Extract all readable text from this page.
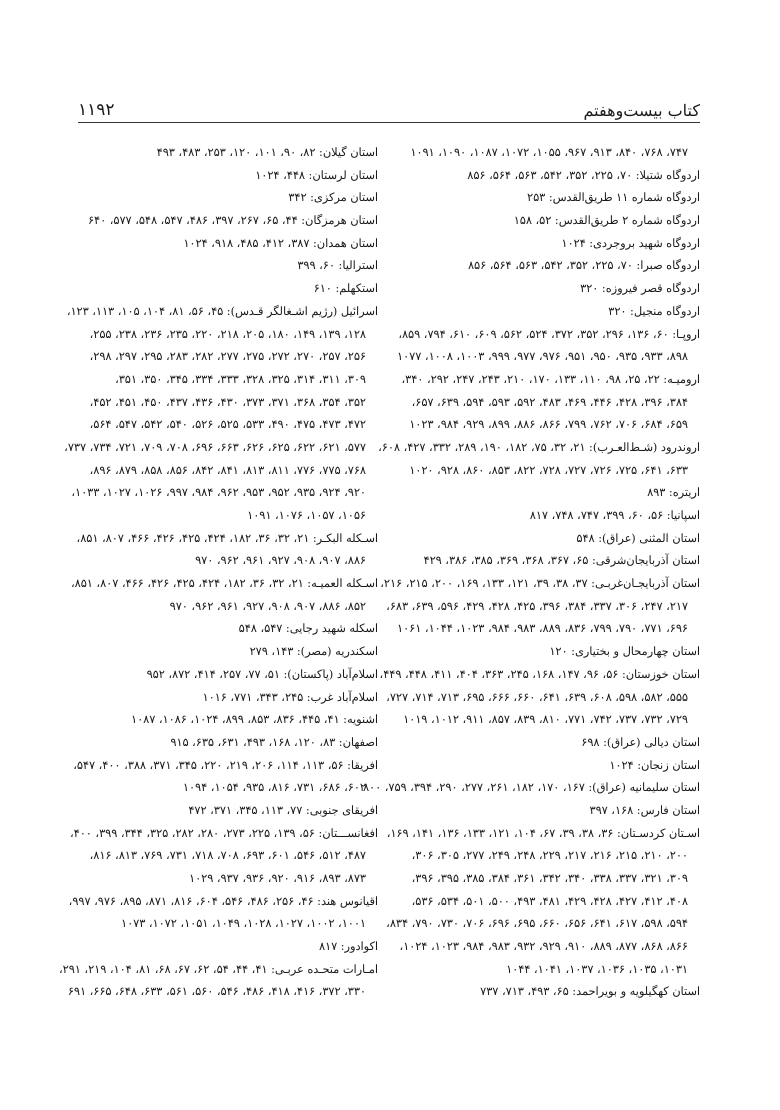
۱۱۹۲	کتاب بیست‌وهفتم
۷۴۷، ۷۶۸، ۸۴۰، ۹۱۳، ۹۶۷، ۱۰۵۵، ۱۰۷۲، ۱۰۸۷، ۱۰۹۰، ۱۰۹۱
اردوگاه شتیلا: ۷۰، ۲۲۵، ۳۵۲، ۵۴۲، ۵۶۳، ۵۶۴، ۸۵۶
اردوگاه شماره ۱۱ طریق‌القدس: ۲۵۳
اردوگاه شماره ۲ طریق‌القدس: ۵۲، ۱۵۸
اردوگاه شهید بروجردی: ۱۰۲۴
اردوگاه صبرا: ۷۰، ۲۲۵، ۳۵۲، ۵۴۲، ۵۶۳، ۵۶۴، ۸۵۶
اردوگاه قصر فیروزه: ۳۲۰
اردوگاه منجیل: ۳۲۰
اروپـا: ۶۰، ۱۳۶، ۲۹۶، ۳۵۲، ۳۷۲، ۵۲۴، ۵۶۲، ۶۰۹، ۶۱۰، ۷۹۴، ۸۵۹،
۸۹۸، ۹۳۳، ۹۳۵، ۹۵۰، ۹۵۱، ۹۷۶، ۹۷۷، ۹۹۹، ۱۰۰۳، ۱۰۰۸، ۱۰۷۷
ارومیـه: ۲۲، ۲۵، ۹۸، ۱۱۰، ۱۳۳، ۱۷۰، ۲۱۰، ۲۴۳، ۲۴۷، ۲۹۲، ۳۴۰،
۳۸۴، ۳۹۶، ۴۲۸، ۴۴۶، ۴۶۹، ۴۸۳، ۵۹۲، ۵۹۳، ۵۹۴، ۶۳۹، ۶۵۷،
۶۵۹، ۶۸۴، ۷۰۶، ۷۶۲، ۷۹۹، ۸۶۶، ۸۸۶، ۸۹۹، ۹۲۹، ۹۸۴، ۱۰۲۳
اروندرود (شـط‌العـرب): ۲۱، ۳۲، ۷۵، ۱۸۲، ۱۹۰، ۲۸۹، ۳۳۲، ۴۲۷، ۶۰۸،
۶۳۳، ۶۴۱، ۷۲۵، ۷۲۶، ۷۲۷، ۷۲۸، ۸۲۲، ۸۵۳، ۸۶۰، ۹۲۸، ۱۰۲۰
اریتره: ۸۹۳
اسپانیا: ۵۶، ۶۰، ۳۹۹، ۷۴۷، ۷۴۸، ۸۱۷
استان المثنی (عراق): ۵۴۸
استان آذربایجان‌شرقی: ۶۵، ۳۶۷، ۳۶۸، ۳۶۹، ۳۸۵، ۳۸۶، ۴۲۹
استان آذربایجـان‌غربـی: ۳۷، ۳۸، ۳۹، ۱۲۱، ۱۳۳، ۱۶۹، ۲۰۰، ۲۱۵، ۲۱۶،
۲۱۷، ۲۴۷، ۳۰۶، ۳۳۷، ۳۸۴، ۳۹۶، ۴۲۵، ۴۲۸، ۴۲۹، ۵۹۶، ۶۳۹، ۶۸۳،
۶۹۶، ۷۷۱، ۷۹۰، ۷۹۹، ۸۳۶، ۸۸۹، ۹۸۳، ۹۸۴، ۱۰۲۳، ۱۰۴۴، ۱۰۶۱
استان چهارمحال و بختیاری: ۱۲۰
استان خوزستان: ۵۶، ۹۶، ۱۴۷، ۱۶۸، ۲۴۵، ۳۶۳، ۴۰۴، ۴۱۱، ۴۴۸، ۴۴۹،
۵۵۵، ۵۸۲، ۵۹۸، ۶۰۸، ۶۳۹، ۶۴۱، ۶۶۰، ۶۶۶، ۶۹۵، ۷۱۳، ۷۱۴، ۷۲۷،
۷۲۹، ۷۳۲، ۷۳۷، ۷۴۲، ۷۷۱، ۸۱۰، ۸۳۹، ۸۵۷، ۹۱۱، ۱۰۱۲، ۱۰۱۹
استان دیالی (عراق): ۶۹۸
استان زنجان: ۱۰۲۴
استان سلیمانیه (عراق): ۱۶۷، ۱۷۰، ۱۸۲، ۲۶۱، ۲۷۷، ۲۹۰، ۳۹۴، ۷۵۹، ۸۰۰
استان فارس: ۱۶۸، ۳۹۷
اسـتان کردسـتان: ۳۶، ۳۸، ۳۹، ۶۷، ۱۰۴، ۱۲۱، ۱۳۳، ۱۳۶، ۱۴۱، ۱۶۹،
۲۰۰، ۲۱۰، ۲۱۵، ۲۱۶، ۲۱۷، ۲۲۹، ۲۴۸، ۲۴۹، ۲۷۷، ۳۰۵، ۳۰۶،
۳۰۹، ۳۲۱، ۳۳۷، ۳۳۸، ۳۴۰، ۳۴۲، ۳۶۱، ۳۸۴، ۳۸۵، ۳۹۵، ۳۹۶،
۴۰۸، ۴۱۲، ۴۲۷، ۴۲۸، ۴۲۹، ۴۸۱، ۴۹۳، ۵۰۰، ۵۰۱، ۵۳۴، ۵۳۶،
۵۹۴، ۵۹۸، ۶۱۷، ۶۴۱، ۶۵۶، ۶۶۰، ۶۹۵، ۶۹۶، ۷۰۶، ۷۳۰، ۷۹۰، ۸۳۴،
۸۶۶، ۸۶۸، ۸۷۷، ۸۸۹، ۹۱۰، ۹۲۹، ۹۳۲، ۹۸۳، ۹۸۴، ۱۰۲۳، ۱۰۲۴،
۱۰۳۱، ۱۰۳۵، ۱۰۳۶، ۱۰۳۷، ۱۰۴۱، ۱۰۴۴
استان کهگیلویه و بویراحمد: ۶۵، ۴۹۳، ۷۱۳، ۷۳۷
استان گیلان: ۸۲، ۹۰، ۱۰۱، ۱۲۰، ۲۵۳، ۴۸۳، ۴۹۳
استان لرستان: ۴۴۸، ۱۰۲۴
استان مرکزی: ۳۴۲
استان هرمزگان: ۴۴، ۶۵، ۲۶۷، ۳۹۷، ۴۸۶، ۵۴۷، ۵۴۸، ۵۷۷، ۶۴۰
استان همدان: ۳۸۷، ۴۱۲، ۴۸۵، ۹۱۸، ۱۰۲۴
استرالیا: ۶۰، ۳۹۹
استکهلم: ۶۱۰
اسرائیل (رژیم اشـغالگر قـدس): ۴۵، ۵۶، ۸۱، ۱۰۴، ۱۰۵، ۱۱۳، ۱۲۳،
۱۲۸، ۱۳۹، ۱۴۹، ۱۸۰، ۲۰۵، ۲۱۸، ۲۲۰، ۲۳۵، ۲۳۶، ۲۳۸، ۲۵۵،
۲۵۶، ۲۵۷، ۲۷۰، ۲۷۲، ۲۷۵، ۲۷۷، ۲۸۲، ۲۸۳، ۲۹۵، ۲۹۷، ۲۹۸،
۳۰۹، ۳۱۱، ۳۱۴، ۳۲۵، ۳۲۸، ۳۳۳، ۳۳۴، ۳۴۵، ۳۵۰، ۳۵۱،
۳۵۲، ۳۵۴، ۳۶۸، ۳۷۱، ۳۷۳، ۴۳۰، ۴۳۶، ۴۳۷، ۴۵۰، ۴۵۱، ۴۵۲،
۴۷۲، ۴۷۳، ۴۷۵، ۴۹۰، ۵۳۳، ۵۲۵، ۵۲۶، ۵۴۰، ۵۴۲، ۵۴۷، ۵۶۴،
۵۷۷، ۶۲۱، ۶۲۲، ۶۲۵، ۶۲۶، ۶۶۳، ۶۹۶، ۷۰۸، ۷۰۹، ۷۲۱، ۷۳۴، ۷۳۷،
۷۶۸، ۷۷۵، ۷۷۶، ۸۱۱، ۸۱۳، ۸۴۱، ۸۴۲، ۸۵۶، ۸۵۸، ۸۷۹، ۸۹۶،
۹۲۰، ۹۲۴، ۹۳۵، ۹۵۲، ۹۵۳، ۹۶۲، ۹۸۴، ۹۹۷، ۱۰۲۶، ۱۰۲۷، ۱۰۳۳،
۱۰۵۶، ۱۰۵۷، ۱۰۷۶، ۱۰۹۱
اسـکله البکـر: ۲۱، ۳۲، ۳۶، ۱۸۲، ۴۲۴، ۴۲۵، ۴۲۶، ۴۶۶، ۸۰۷، ۸۵۱،
۸۸۶، ۹۰۷، ۹۰۸، ۹۲۷، ۹۶۱، ۹۶۲، ۹۷۰
اسـکله العمیـه: ۲۱، ۳۲، ۳۶، ۱۸۲، ۴۲۴، ۴۲۵، ۴۲۶، ۴۶۶، ۸۰۷، ۸۵۱،
۸۵۲، ۸۸۶، ۹۰۷، ۹۰۸، ۹۲۷، ۹۶۱، ۹۶۲، ۹۷۰
اسکله شهید رجایی: ۵۴۷، ۵۴۸
اسکندریه (مصر): ۱۴۳، ۲۷۹
اسلام‌آباد (پاکستان): ۵۱، ۷۷، ۲۵۷، ۴۱۴، ۸۷۲، ۹۵۲
اسلام‌آباد غرب: ۲۴۵، ۳۴۳، ۷۷۱، ۱۰۱۶
اشنویه: ۴۱، ۴۴۵، ۸۳۶، ۸۵۳، ۸۹۹، ۱۰۲۴، ۱۰۸۶، ۱۰۸۷
اصفهان: ۸۳، ۱۲۰، ۱۶۸، ۴۹۳، ۶۳۱، ۶۳۵، ۹۱۵
افریقا: ۵۶، ۱۱۳، ۱۱۴، ۲۰۶، ۲۱۹، ۲۲۰، ۳۴۵، ۳۷۱، ۳۸۸، ۴۰۰، ۵۴۷،
۶۰۲، ۶۸۶، ۷۳۱، ۸۱۶، ۹۳۵، ۱۰۵۴، ۱۰۹۴
افریقای جنوبی: ۷۷، ۱۱۳، ۳۴۵، ۳۷۱، ۴۷۲
افغانســـتان: ۵۶، ۱۳۹، ۲۲۵، ۲۷۳، ۲۸۰، ۲۸۲، ۳۲۵، ۳۴۴، ۳۹۹، ۴۰۰،
۴۸۷، ۵۱۲، ۵۴۶، ۶۰۱، ۶۹۳، ۷۰۸، ۷۱۸، ۷۳۱، ۷۶۹، ۸۱۳، ۸۱۶،
۸۷۳، ۸۹۳، ۹۱۶، ۹۲۰، ۹۳۶، ۹۳۷، ۱۰۲۹
اقیانوس هند: ۴۶، ۲۵۶، ۴۸۶، ۵۴۶، ۶۰۴، ۸۱۶، ۸۷۱، ۸۹۵، ۹۷۶، ۹۹۷،
۱۰۰۱، ۱۰۰۲، ۱۰۲۷، ۱۰۲۸، ۱۰۴۹، ۱۰۵۱، ۱۰۷۲، ۱۰۷۳
اکوادور: ۸۱۷
امـارات متحـده عربـی: ۴۱، ۴۴، ۵۴، ۶۲، ۶۷، ۶۸، ۸۱، ۱۰۴، ۲۱۹، ۲۹۱،
۳۳۰، ۳۷۲، ۴۱۶، ۴۱۸، ۴۸۶، ۵۴۶، ۵۶۰، ۵۶۱، ۶۳۳، ۶۴۸، ۶۶۵، ۶۹۱
